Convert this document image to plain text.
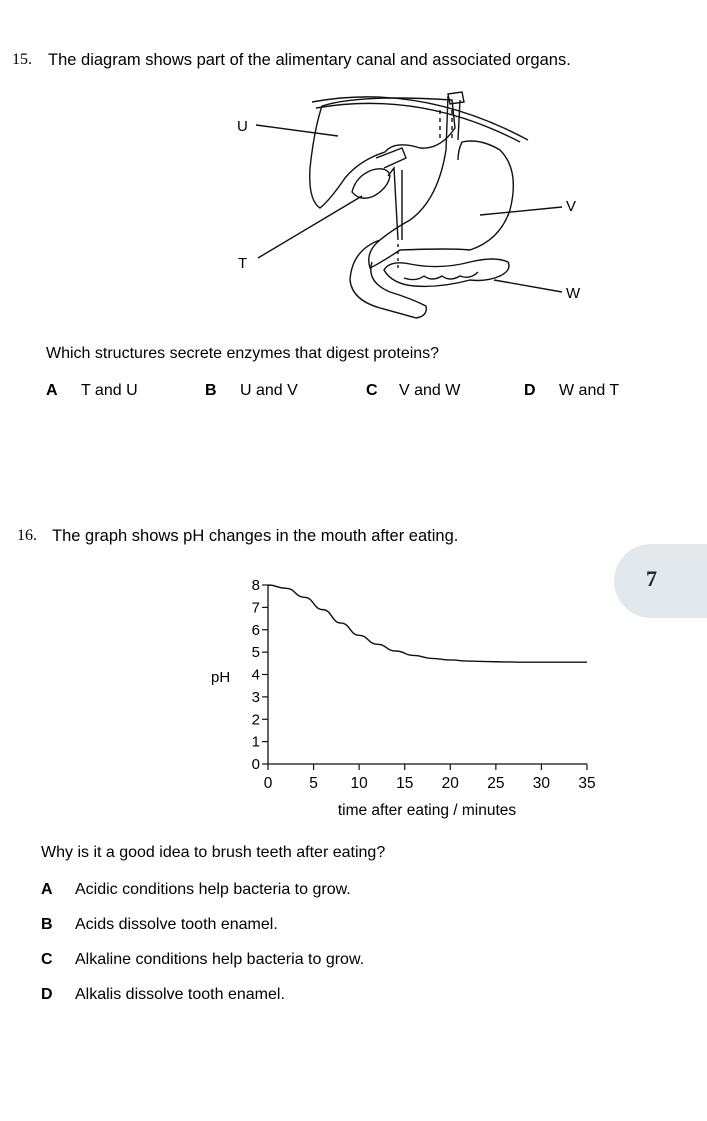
15. The diagram shows part of the alimentary canal and associated organs.
U
T
V
W
Which structures secrete enzymes that digest proteins?
A T and U	B U and V	C V and W	D W and T
16. The graph shows pH changes in the mouth after eating.
7
0
1
2
3
4
5
6
7
8
0 5 10 15 20 25 30 35
pH
time after eating / minutes
Why is it a good idea to brush teeth after eating?
A Acidic conditions help bacteria to grow.
B Acids dissolve tooth enamel.
C Alkaline conditions help bacteria to grow.
D Alkalis dissolve tooth enamel.
